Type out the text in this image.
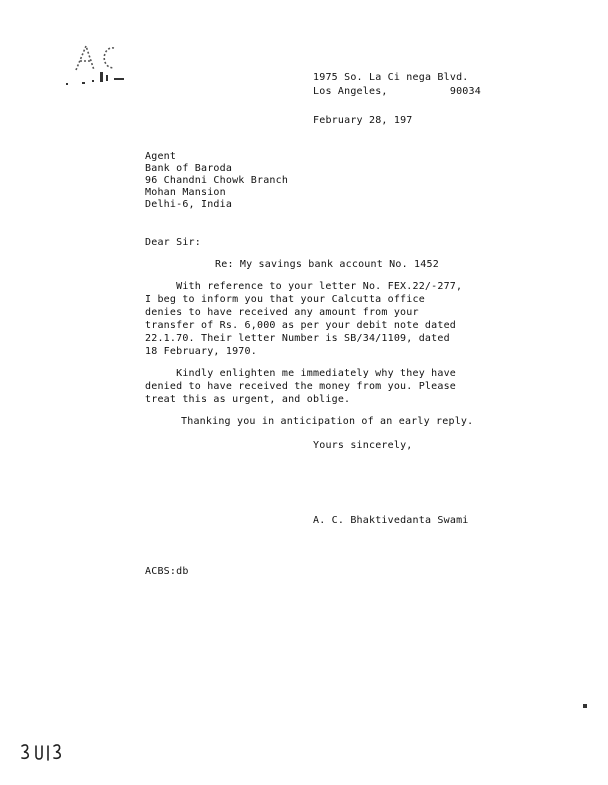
1975 So. La Ci̇ nega Blvd.
Los Angeles,          90034
February 28, 197
Agent
Bank of Baroda
96 Chandni Chowk Branch
Mohan Mansion
Delhi-6, India
Dear Sir:
Re: My savings bank account No. 1452
With reference to your letter No. FEX.22/-277,
I beg to inform you that your Calcutta office
denies to have received any amount from your
transfer of Rs. 6,000 as per your debit note dated
22.1.70. Their letter Number is SB/34/1109, dated
18 February, 1970.
Kindly enlighten me immediately why they have
denied to have received the money from you. Please
treat this as urgent, and oblige.
Thanking you in anticipation of an early reply.
Yours sincerely,
A. C. Bhaktivedanta Swami
ACBS:db
